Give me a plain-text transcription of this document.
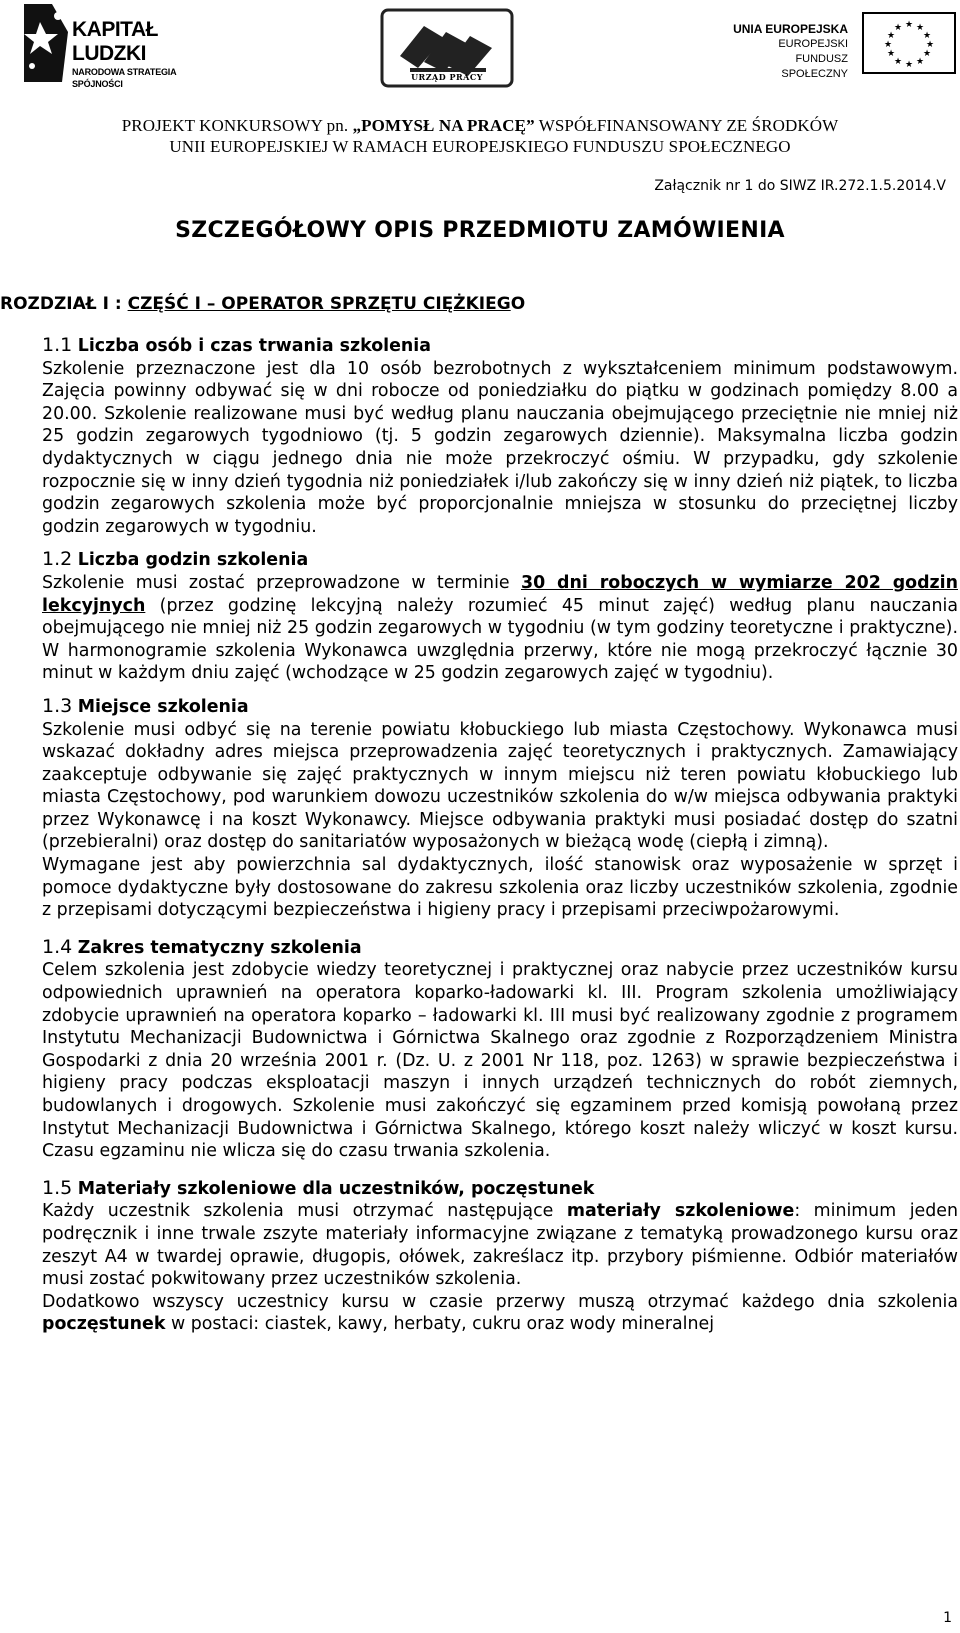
KAPITAŁ LUDZKI
NARODOWA STRATEGIA SPÓJNOŚCI
URZĄD PRACY
UNIA EUROPEJSKA
EUROPEJSKI
FUNDUSZ SPOŁECZNY
★ ★
★
★
★
★
★
★
★
★
★
★
PROJEKT KONKURSOWY pn. „POMYSŁ NA PRACĘ” WSPÓŁFINANSOWANY ZE ŚRODKÓW
UNII EUROPEJSKIEJ W RAMACH EUROPEJSKIEGO FUNDUSZU SPOŁECZNEGO
Załącznik nr 1 do SIWZ IR.272.1.5.2014.V
SZCZEGÓŁOWY OPIS PRZEDMIOTU ZAMÓWIENIA
ROZDZIAŁ I : CZĘŚĆ I – OPERATOR SPRZĘTU CIĘŻKIEGO
1.1 Liczba osób i czas trwania szkolenia

Szkolenie przeznaczone jest dla 10 osób bezrobotnych z wykształceniem minimum podstawowym. Zajęcia powinny odbywać się w dni robocze od poniedziałku do piątku w godzinach pomiędzy 8.00 a 20.00. Szkolenie realizowane musi być według planu nauczania obejmującego przeciętnie nie mniej niż 25 godzin zegarowych tygodniowo (tj. 5 godzin zegarowych dziennie). Maksymalna liczba godzin dydaktycznych w ciągu jednego dnia nie może przekroczyć ośmiu. W przypadku, gdy szkolenie rozpocznie się w inny dzień tygodnia niż poniedziałek i/lub zakończy się w inny dzień niż piątek, to liczba godzin zegarowych szkolenia może być proporcjonalnie mniejsza w stosunku do przeciętnej liczby godzin zegarowych w tygodniu.

1.2 Liczba godzin szkolenia

Szkolenie musi zostać przeprowadzone w terminie 30 dni roboczych w wymiarze 202 godzin lekcyjnych (przez godzinę lekcyjną należy rozumieć 45 minut zajęć) według planu nauczania obejmującego nie mniej niż 25 godzin zegarowych w tygodniu (w tym godziny teoretyczne i praktyczne). W harmonogramie szkolenia Wykonawca uwzględnia przerwy, które nie mogą przekroczyć łącznie 30 minut w każdym dniu zajęć (wchodzące w 25 godzin zegarowych zajęć w tygodniu).

1.3 Miejsce szkolenia

Szkolenie musi odbyć się na terenie powiatu kłobuckiego lub miasta Częstochowy. Wykonawca musi wskazać dokładny adres miejsca przeprowadzenia zajęć teoretycznych i praktycznych. Zamawiający zaakceptuje odbywanie się zajęć praktycznych w innym miejscu niż teren powiatu kłobuckiego lub miasta Częstochowy, pod warunkiem dowozu uczestników szkolenia do w/w miejsca odbywania praktyki przez Wykonawcę i na koszt Wykonawcy. Miejsce odbywania praktyki musi posiadać dostęp do szatni (przebieralni) oraz dostęp do sanitariatów wyposażonych w bieżącą wodę (ciepłą i zimną).

Wymagane jest aby powierzchnia sal dydaktycznych, ilość stanowisk oraz wyposażenie w sprzęt i pomoce dydaktyczne były dostosowane do zakresu szkolenia oraz liczby uczestników szkolenia, zgodnie z przepisami dotyczącymi bezpieczeństwa i higieny pracy i przepisami przeciwpożarowymi.

1.4 Zakres tematyczny szkolenia

Celem szkolenia jest zdobycie wiedzy teoretycznej i praktycznej oraz nabycie przez uczestników kursu odpowiednich uprawnień na operatora koparko-ładowarki kl. III. Program szkolenia umożliwiający zdobycie uprawnień na operatora koparko – ładowarki kl. III musi być realizowany zgodnie z programem Instytutu Mechanizacji Budownictwa i Górnictwa Skalnego oraz zgodnie z Rozporządzeniem Ministra Gospodarki z dnia 20 września 2001 r. (Dz. U. z 2001 Nr 118, poz. 1263) w sprawie bezpieczeństwa i higieny pracy podczas eksploatacji maszyn i innych urządzeń technicznych do robót ziemnych, budowlanych i drogowych. Szkolenie musi zakończyć się egzaminem przed komisją powołaną przez Instytut Mechanizacji Budownictwa i Górnictwa Skalnego, którego koszt należy wliczyć w koszt kursu. Czasu egzaminu nie wlicza się do czasu trwania szkolenia.

1.5 Materiały szkoleniowe dla uczestników, poczęstunek

Każdy uczestnik szkolenia musi otrzymać następujące materiały szkoleniowe: minimum jeden podręcznik i inne trwale zszyte materiały informacyjne związane z tematyką prowadzonego kursu oraz zeszyt A4 w twardej oprawie, długopis, ołówek, zakreślacz itp. przybory piśmienne. Odbiór materiałów musi zostać pokwitowany przez uczestników szkolenia.

Dodatkowo wszyscy uczestnicy kursu w czasie przerwy muszą otrzymać każdego dnia szkolenia poczęstunek w postaci: ciastek, kawy, herbaty, cukru oraz wody mineralnej

1
